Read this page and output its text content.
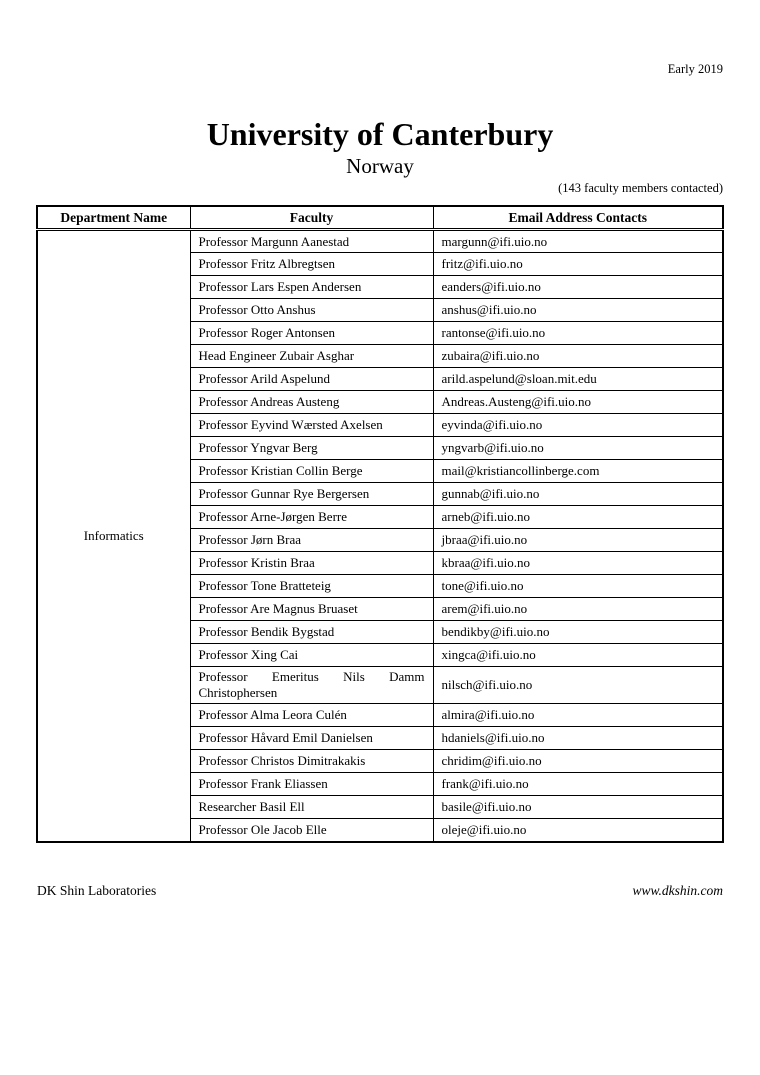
Early 2019
University of Canterbury
Norway
(143 faculty members contacted)
Department Name	Faculty	Email Address Contacts
Informatics	Professor Margunn Aanestad	margunn@ifi.uio.no
	Professor Fritz Albregtsen	fritz@ifi.uio.no
	Professor Lars Espen Andersen	eanders@ifi.uio.no
	Professor Otto Anshus	anshus@ifi.uio.no
	Professor Roger Antonsen	rantonse@ifi.uio.no
	Head Engineer Zubair Asghar	zubaira@ifi.uio.no
	Professor Arild Aspelund	arild.aspelund@sloan.mit.edu
	Professor Andreas Austeng	Andreas.Austeng@ifi.uio.no
	Professor Eyvind Wærsted Axelsen	eyvinda@ifi.uio.no
	Professor Yngvar Berg	yngvarb@ifi.uio.no
	Professor Kristian Collin Berge	mail@kristiancollinberge.com
	Professor Gunnar Rye Bergersen	gunnab@ifi.uio.no
	Professor Arne-Jørgen Berre	arneb@ifi.uio.no
	Professor Jørn Braa	jbraa@ifi.uio.no
	Professor Kristin Braa	kbraa@ifi.uio.no
	Professor Tone Bratteteig	tone@ifi.uio.no
	Professor Are Magnus Bruaset	arem@ifi.uio.no
	Professor Bendik Bygstad	bendikby@ifi.uio.no
	Professor Xing Cai	xingca@ifi.uio.no
	Professor Emeritus Nils Damm Christophersen	nilsch@ifi.uio.no
	Professor Alma Leora Culén	almira@ifi.uio.no
	Professor Håvard Emil Danielsen	hdaniels@ifi.uio.no
	Professor Christos Dimitrakakis	chridim@ifi.uio.no
	Professor Frank Eliassen	frank@ifi.uio.no
	Researcher Basil Ell	basile@ifi.uio.no
	Professor Ole Jacob Elle	oleje@ifi.uio.no
DK Shin Laboratories	www.dkshin.com
